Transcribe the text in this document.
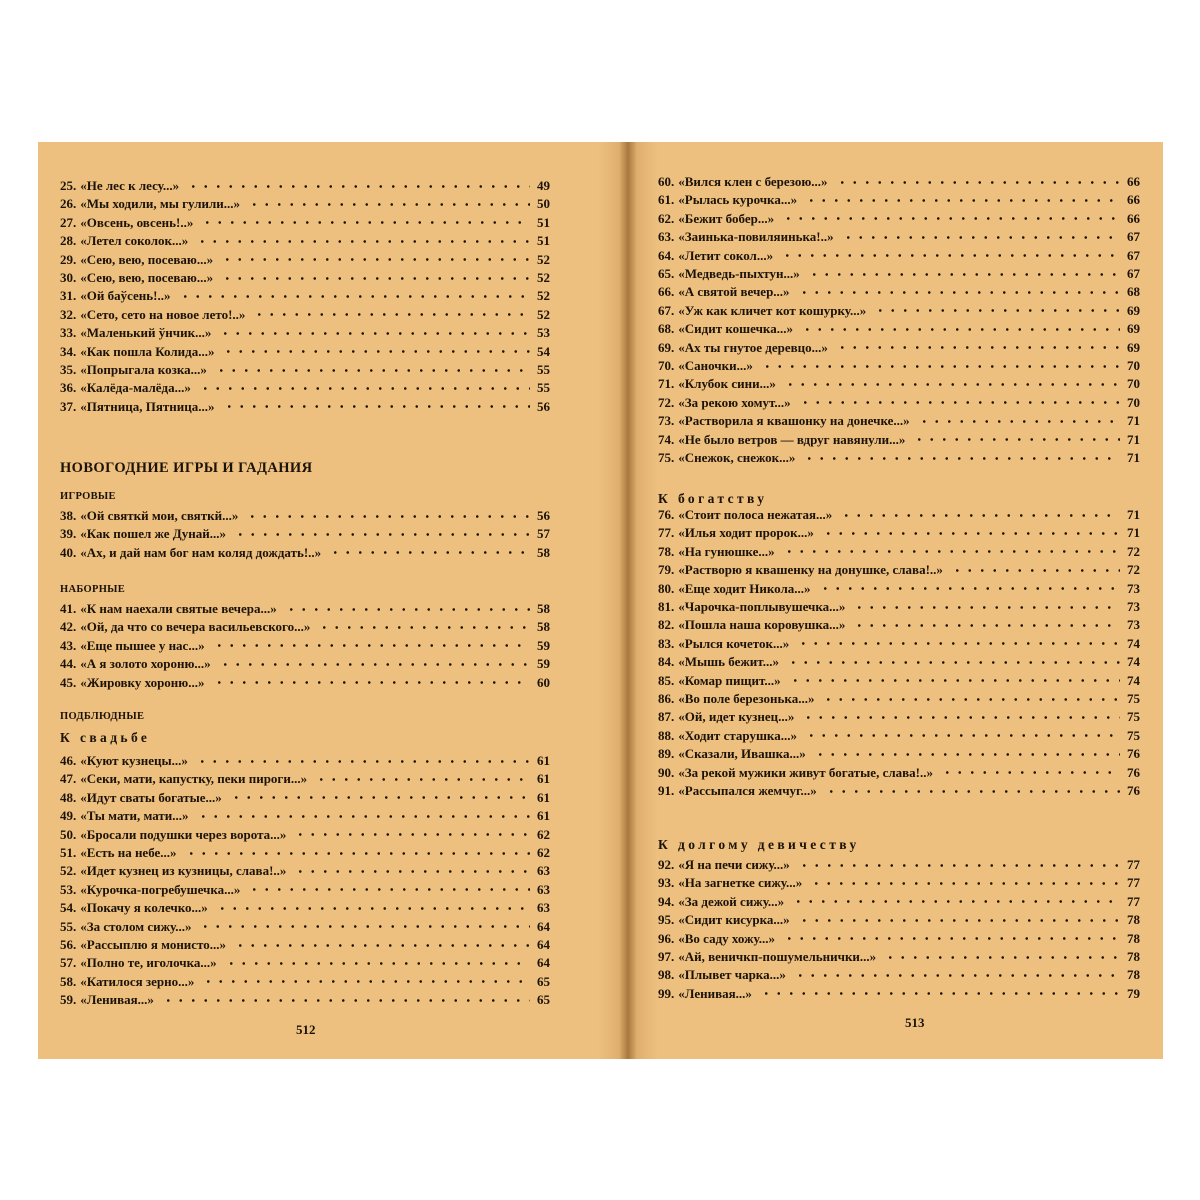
25. «Не лес к лесу...»	49
26. «Мы ходили, мы гулили...»	50
27. «Овсень, овсень!..»	51
28. «Летел соколок...»	51
29. «Сею, вею, посеваю...»	52
30. «Сею, вею, посеваю...»	52
31. «Ой баўсень!..»	52
32. «Сето, сето на новое лето!..»	52
33. «Маленький ўнчик...»	53
34. «Как пошла Колида...»	54
35. «Попрыгала козка...»	55
36. «Калёда-малёда...»	55
37. «Пятница, Пятница...»	56
НОВОГОДНИЕ ИГРЫ И ГАДАНИЯ
ИГРОВЫЕ
38. «Ой святкй мои, святкй...»	56
39. «Как пошел же Дунай...»	57
40. «Ах, и дай нам бог нам коляд дождать!..»	58
НАБОРНЫЕ
41. «К нам наехали святые вечера...»	58
42. «Ой, да что со вечера васильевского...»	58
43. «Еще пышее у нас...»	59
44. «А я золото хороню...»	59
45. «Жировку хороню...»	60
ПОДБЛЮДНЫЕ
К свадьбе
46. «Куют кузнецы...»	61
47. «Секи, мати, капустку, пеки пироги...»	61
48. «Идут сваты богатые...»	61
49. «Ты мати, мати...»	61
50. «Бросали подушки через ворота...»	62
51. «Есть на небе...»	62
52. «Идет кузнец из кузницы, слава!..»	63
53. «Курочка-погребушечка...»	63
54. «Покачу я колечко...»	63
55. «За столом сижу...»	64
56. «Рассыплю я монисто...»	64
57. «Полно те, иголочка...»	64
58. «Катилося зерно...»	65
59. «Ленивая...»	65
512
60. «Вился клен с березою...»	66
61. «Рылась курочка...»	66
62. «Бежит бобер...»	66
63. «Заинька-повиляинька!..»	67
64. «Летит сокол...»	67
65. «Медведь-пыхтун...»	67
66. «А святой вечер...»	68
67. «Уж как кличет кот кошурку...»	69
68. «Сидит кошечка...»	69
69. «Ах ты гнутое деревцо...»	69
70. «Саночки...»	70
71. «Клубок сини...»	70
72. «За рекою хомут...»	70
73. «Растворила я квашонку на донечке...»	71
74. «Не было ветров — вдруг навянули...»	71
75. «Снежок, снежок...»	71
К богатству
76. «Стоит полоса нежатая...»	71
77. «Илья ходит пророк...»	71
78. «На гунюшке...»	72
79. «Растворю я квашенку на донушке, слава!..»	72
80. «Еще ходит Никола...»	73
81. «Чарочка-поплывушечка...»	73
82. «Пошла наша коровушка...»	73
83. «Рылся кочеток...»	74
84. «Мышь бежит...»	74
85. «Комар пищит...»	74
86. «Во поле березонька...»	75
87. «Ой, идет кузнец...»	75
88. «Ходит старушка...»	75
89. «Сказали, Ивашка...»	76
90. «За рекой мужики живут богатые, слава!..»	76
91. «Рассыпался жемчуг...»	76
К долгому девичеству
92. «Я на печи сижу...»	77
93. «На загнетке сижу...»	77
94. «За дежой сижу...»	77
95. «Сидит кисурка...»	78
96. «Во саду хожу...»	78
97. «Ай, веничкп-пошумельнички...»	78
98. «Плывет чарка...»	78
99. «Ленивая...»	79
513
